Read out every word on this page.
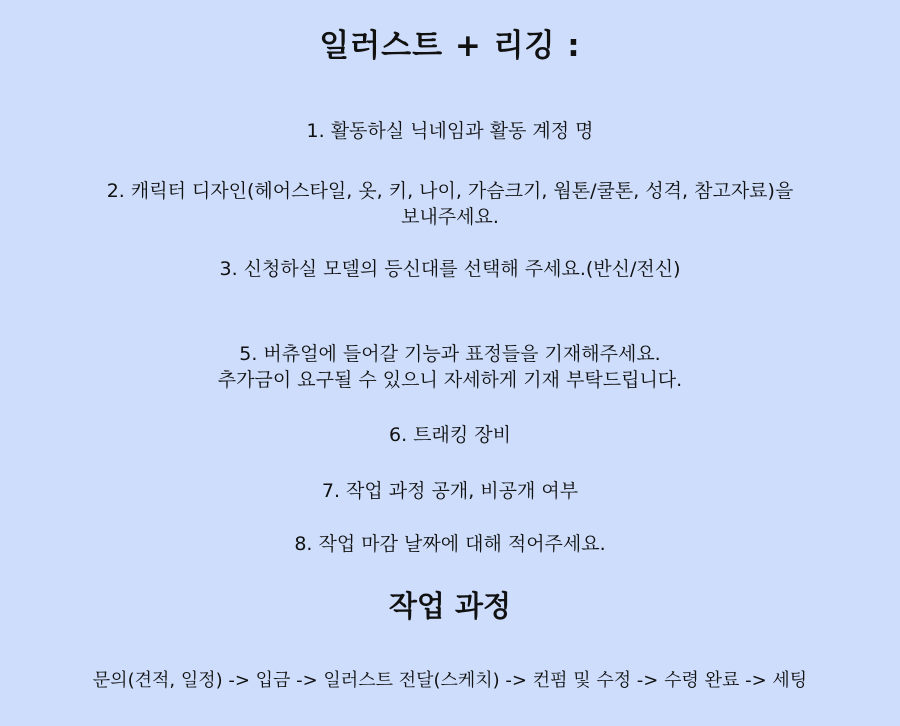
일러스트 + 리깅 :
1. 활동하실 닉네임과 활동 계정 명
2. 캐릭터 디자인(헤어스타일, 옷, 키, 나이, 가슴크기, 웜톤/쿨톤, 성격, 참고자료)을
보내주세요.
3. 신청하실 모델의 등신대를 선택해 주세요.(반신/전신)
5. 버츄얼에 들어갈 기능과 표정들을 기재해주세요.
추가금이 요구될 수 있으니 자세하게 기재 부탁드립니다.
6. 트래킹 장비
7. 작업 과정 공개, 비공개 여부
8. 작업 마감 날짜에 대해 적어주세요.
작업 과정
문의(견적, 일정) -> 입금 -> 일러스트 전달(스케치) -> 컨펌 및 수정 -> 수령 완료 -> 세팅
